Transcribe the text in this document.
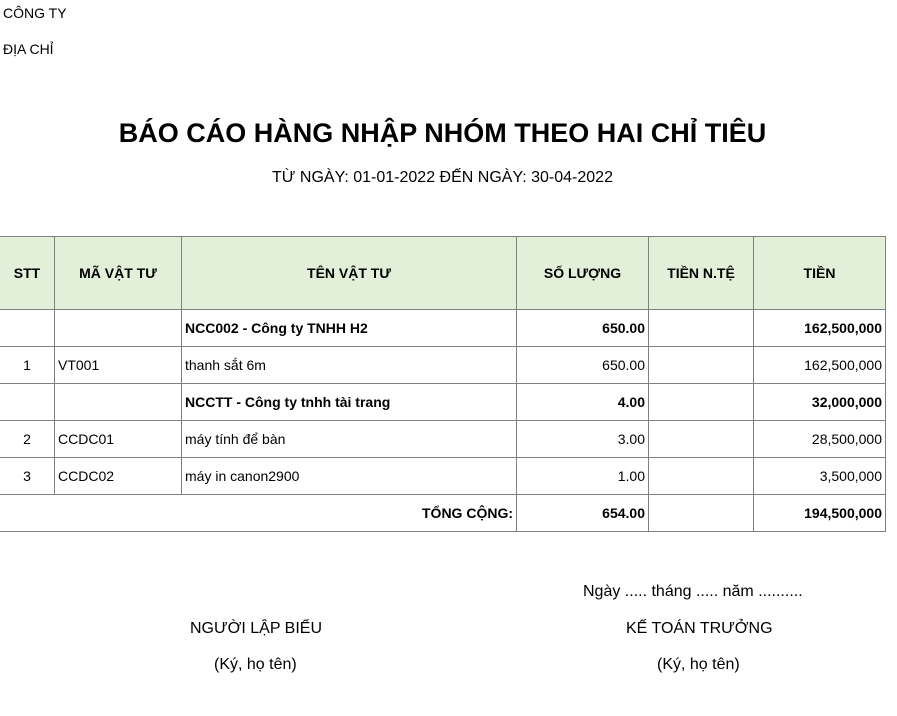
CÔNG TY
ĐỊA CHỈ
BÁO CÁO HÀNG NHẬP NHÓM THEO HAI CHỈ TIÊU
TỪ NGÀY: 01-01-2022 ĐẾN NGÀY: 30-04-2022
STT	MÃ VẬT TƯ	TÊN VẬT TƯ	SỐ LƯỢNG	TIỀN N.TỆ	TIỀN
		NCC002 - Công ty TNHH H2	650.00		162,500,000
1	VT001	thanh sắt 6m	650.00		162,500,000
		NCCTT - Công ty tnhh tài trang	4.00		32,000,000
2	CCDC01	máy tính để bàn	3.00		28,500,000
3	CCDC02	máy in canon2900	1.00		3,500,000
TỔNG CỘNG:			654.00		194,500,000
Ngày ..... tháng ..... năm ..........
NGƯỜI LẬP BIỂU
(Ký, họ tên)
KẾ TOÁN TRƯỞNG
(Ký, họ tên)
